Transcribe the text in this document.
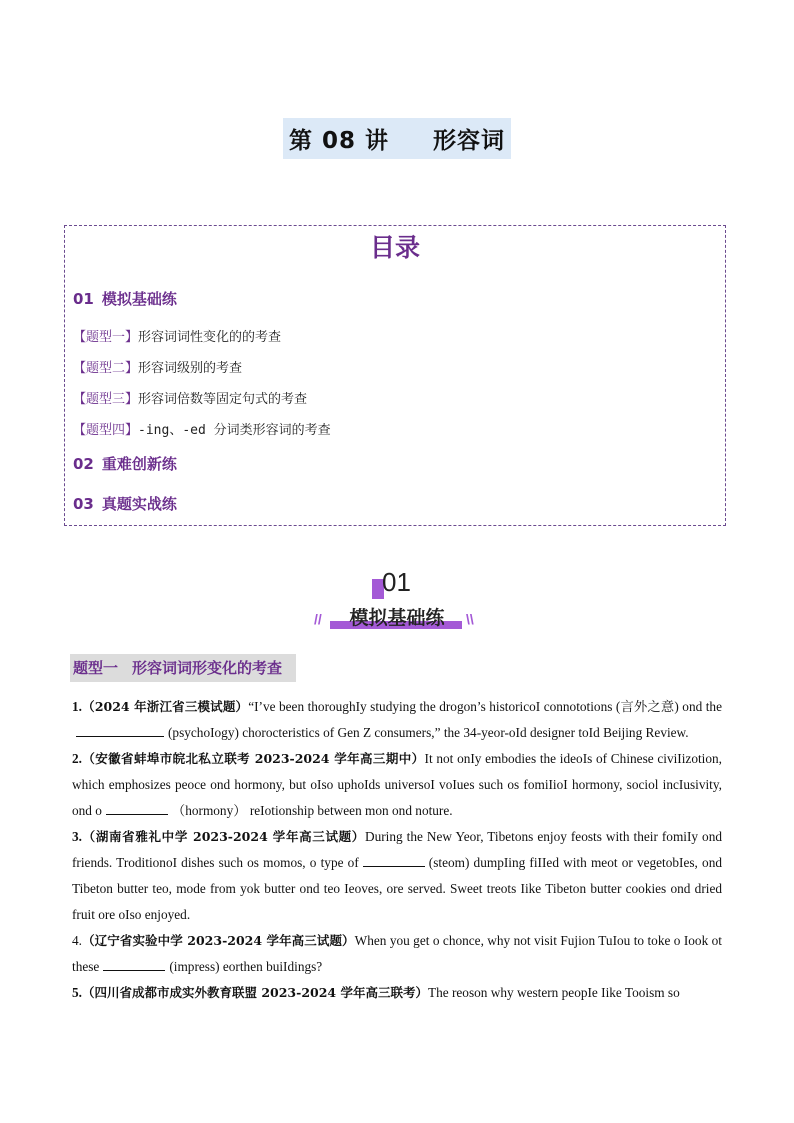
第 08 讲 形容词
目录
01 模拟基础练
【题型一】形容词词性变化的的考查
【题型二】形容词级别的考查
【题型三】形容词倍数等固定句式的考查
【题型四】-ing、-ed 分词类形容词的考查
02 重难创新练
03 真题实战练
01
//	模拟基础练	\\
题型一 形容词词形变化的考查

1.（2024 年浙江省三模试题）“I’ve been thoroughIy studying the drogon’s historicoI connototions (言外之意) ond the(psychoIogy) chorocteristics of Gen Z consumers,” the 34-yeor-oId designer toId Beijing Review.

2.（安徽省蚌埠市皖北私立联考 2023-2024 学年高三期中）It not onIy embodies the ideoIs of Chinese civiIizotion, which emphosizes peoce ond hormony, but oIso uphoIds universoI voIues such os fomiIioI hormony, sociol incIusivity, ond o	（hormony） reIotionship between mon ond noture.

3.（湖南省雅礼中学 2023-2024 学年高三试题）During the New Yeor, Tibetons enjoy feosts with their fomiIy ond friends. TroditionoI dishes such os momos, o type of	(steom) dumpIing fiIIed with meot or vegetobIes, ond Tibeton butter teo, mode from yok butter ond teo Ieoves, ore served. Sweet treots Iike Tibeton butter cookies ond dried fruit ore oIso enjoyed.

4.（辽宁省实验中学 2023-2024 学年高三试题）When you get o chonce, why not visit Fujion TuIou to toke o Iook ot these	(impress) eorthen buiIdings?

5.（四川省成都市成实外教育联盟 2023-2024 学年高三联考）The reoson why western peopIe Iike Tooism so
